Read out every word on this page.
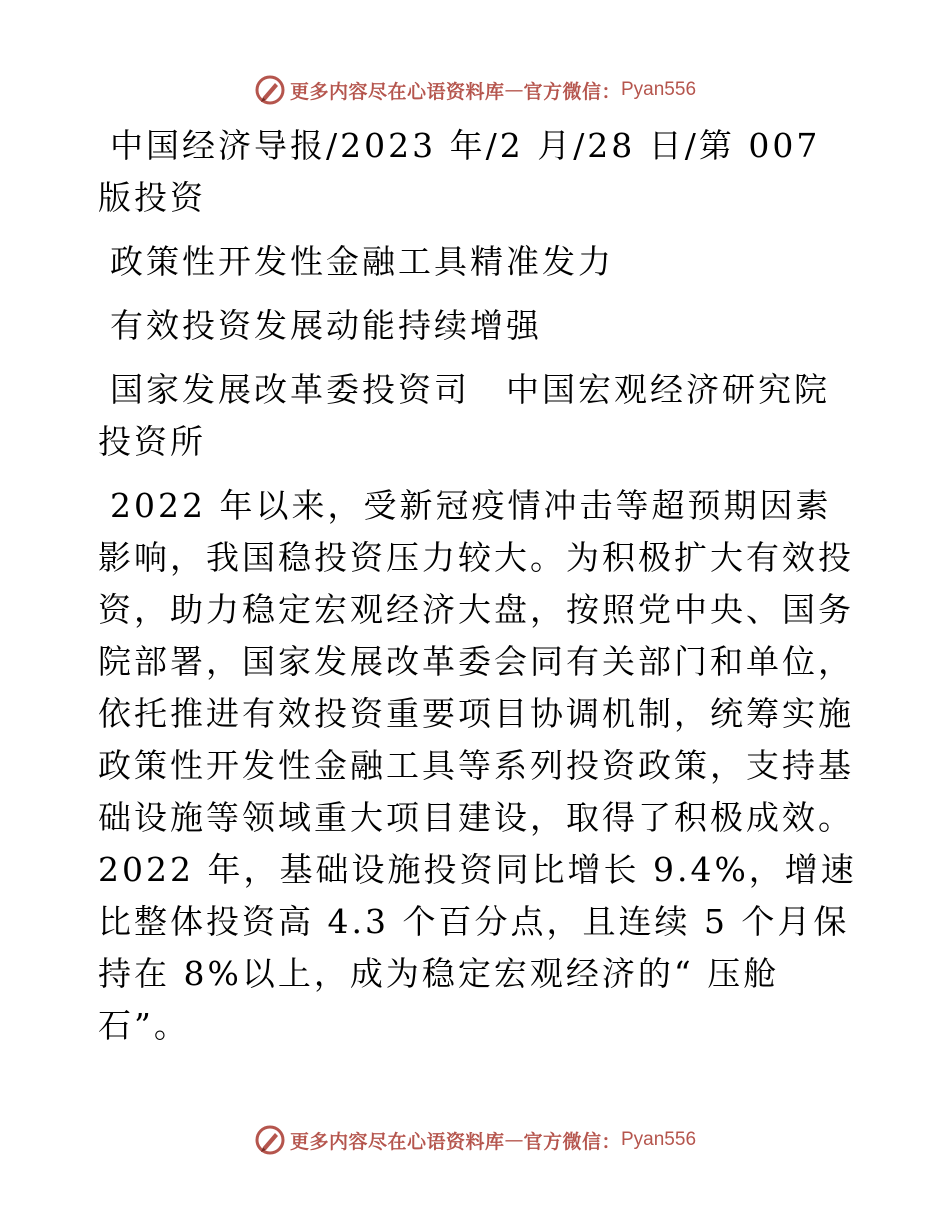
更多内容尽在心语资料库 — 官方微信： Pyan556

中国经济导报/2023 年/2 月/28 日/第 007 版投资

政策性开发性金融工具精准发力

有效投资发展动能持续增强

国家发展改革委投资司　中国宏观经济研究院投资所

2022 年以来，受新冠疫情冲击等超预期因素影响，我国稳投资压力较大。为积极扩大有效投资，助力稳定宏观经济大盘，按照党中央、国务院部署，国家发展改革委会同有关部门和单位，依托推进有效投资重要项目协调机制，统筹实施政策性开发性金融工具等系列投资政策，支持基础设施等领域重大项目建设，取得了积极成效。2022 年，基础设施投资同比增长 9.4%，增速比整体投资高 4.3 个百分点，且连续 5 个月保持在 8%以上，成为稳定宏观经济的“ 压舱石”。

更多内容尽在心语资料库 — 官方微信： Pyan556
